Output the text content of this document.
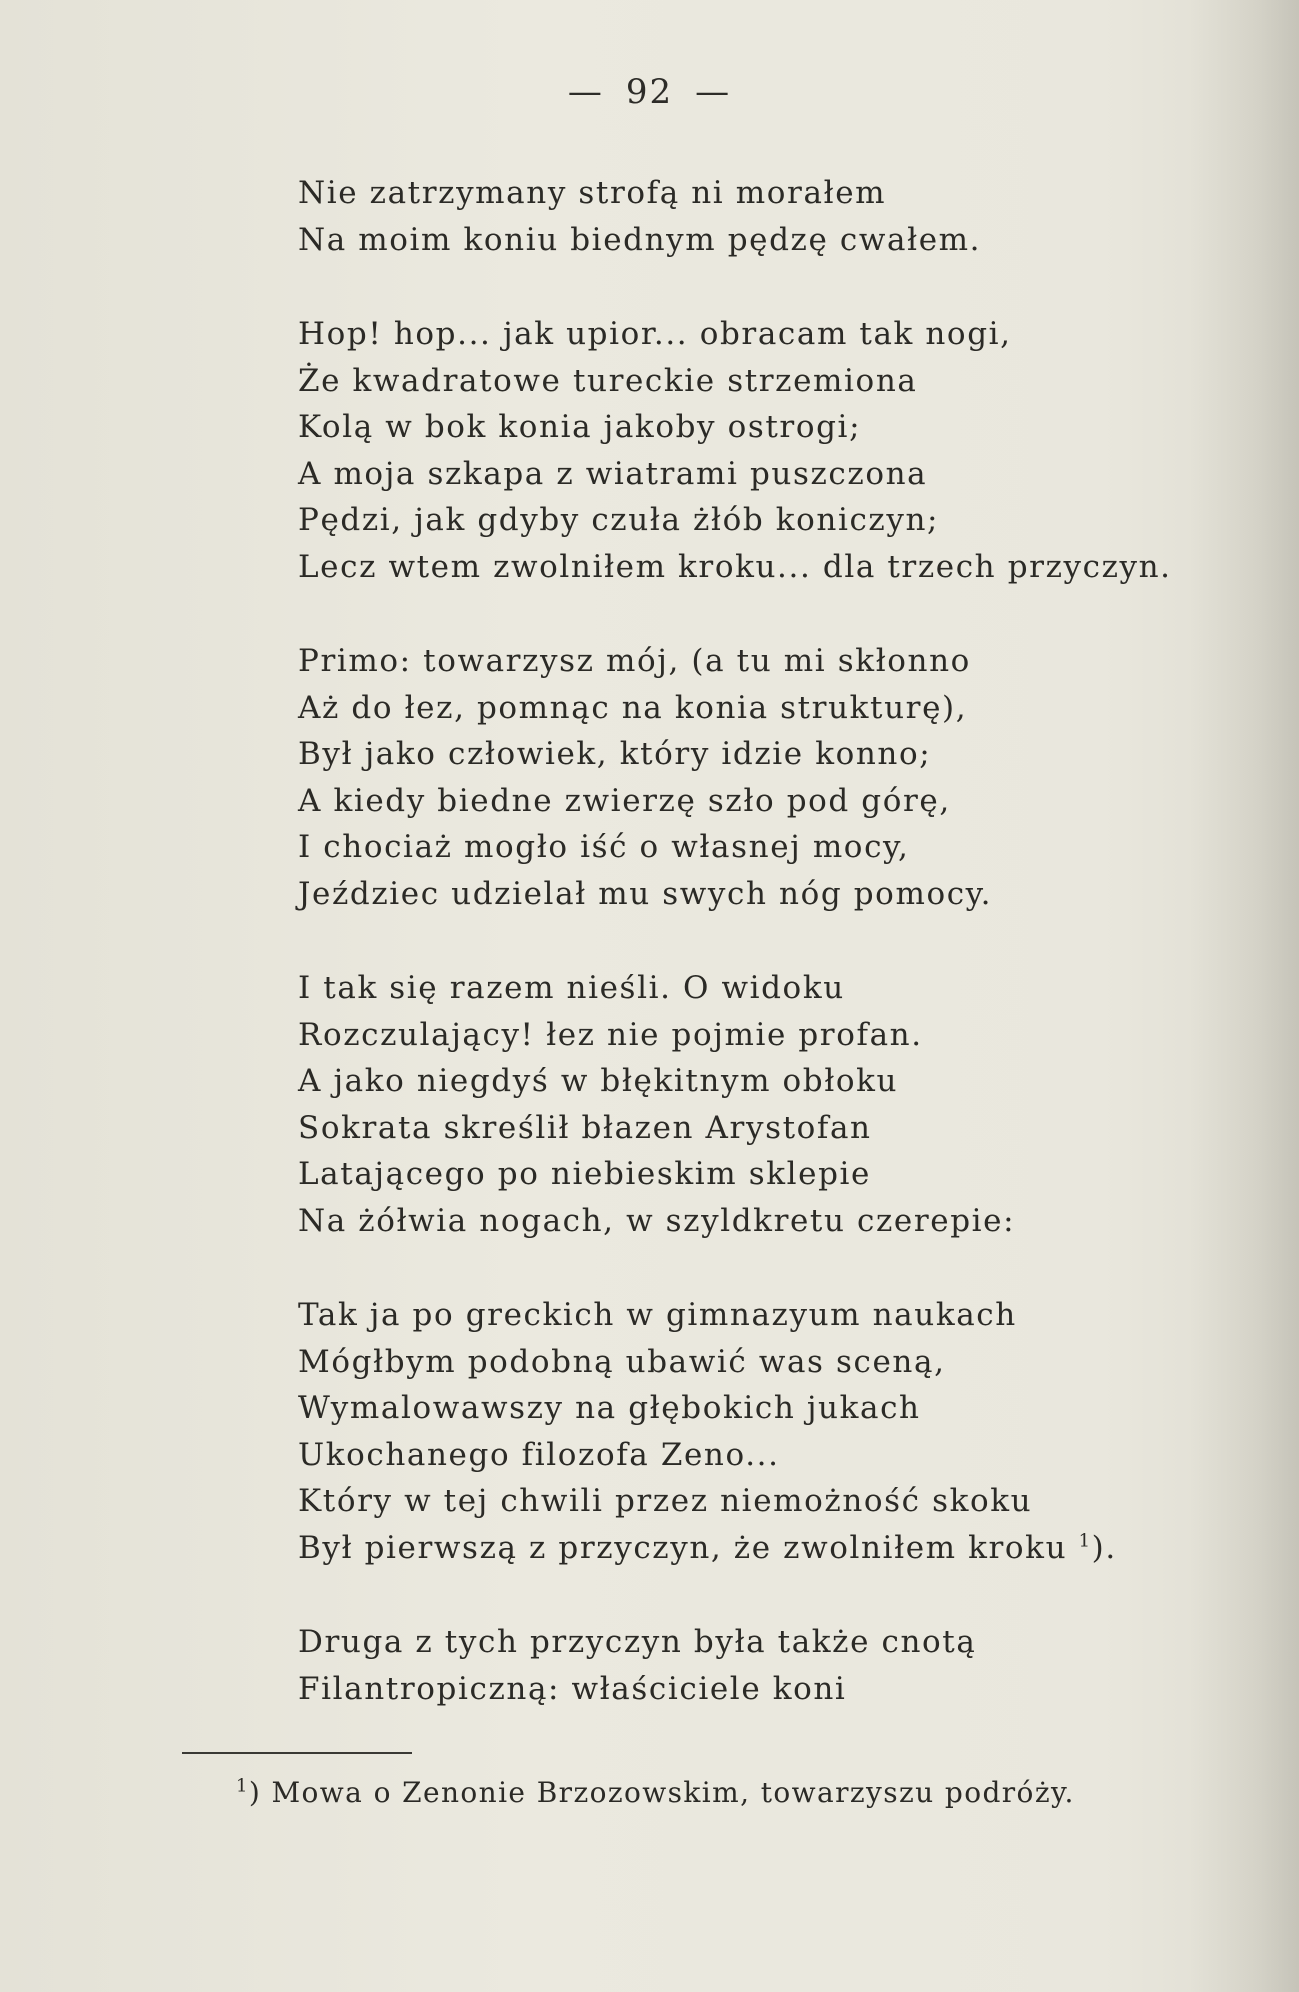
— 92 —
Nie zatrzymany strofą ni morałem
Na moim koniu biednym pędzę cwałem.
Hop! hop... jak upior... obracam tak nogi,
Że kwadratowe tureckie strzemiona
Kolą w bok konia jakoby ostrogi;
A moja szkapa z wiatrami puszczona
Pędzi, jak gdyby czuła żłób koniczyn;
Lecz wtem zwolniłem kroku... dla trzech przyczyn.
Primo: towarzysz mój, (a tu mi skłonno
Aż do łez, pomnąc na konia strukturę),
Był jako człowiek, który idzie konno;
A kiedy biedne zwierzę szło pod górę,
I chociaż mogło iść o własnej mocy,
Jeździec udzielał mu swych nóg pomocy.
I tak się razem nieśli. O widoku
Rozczulający! łez nie pojmie profan.
A jako niegdyś w błękitnym obłoku
Sokrata skreślił błazen Arystofan
Latającego po niebieskim sklepie
Na żółwia nogach, w szyldkretu czerepie:
Tak ja po greckich w gimnazyum naukach
Mógłbym podobną ubawić was sceną,
Wymalowawszy na głębokich jukach
Ukochanego filozofa Zeno...
Który w tej chwili przez niemożność skoku
Był pierwszą z przyczyn, że zwolniłem kroku $^1$).
Druga z tych przyczyn była także cnotą
Filantropiczną: właściciele koni
$^1$) Mowa o Zenonie Brzozowskim, towarzyszu podróży.
